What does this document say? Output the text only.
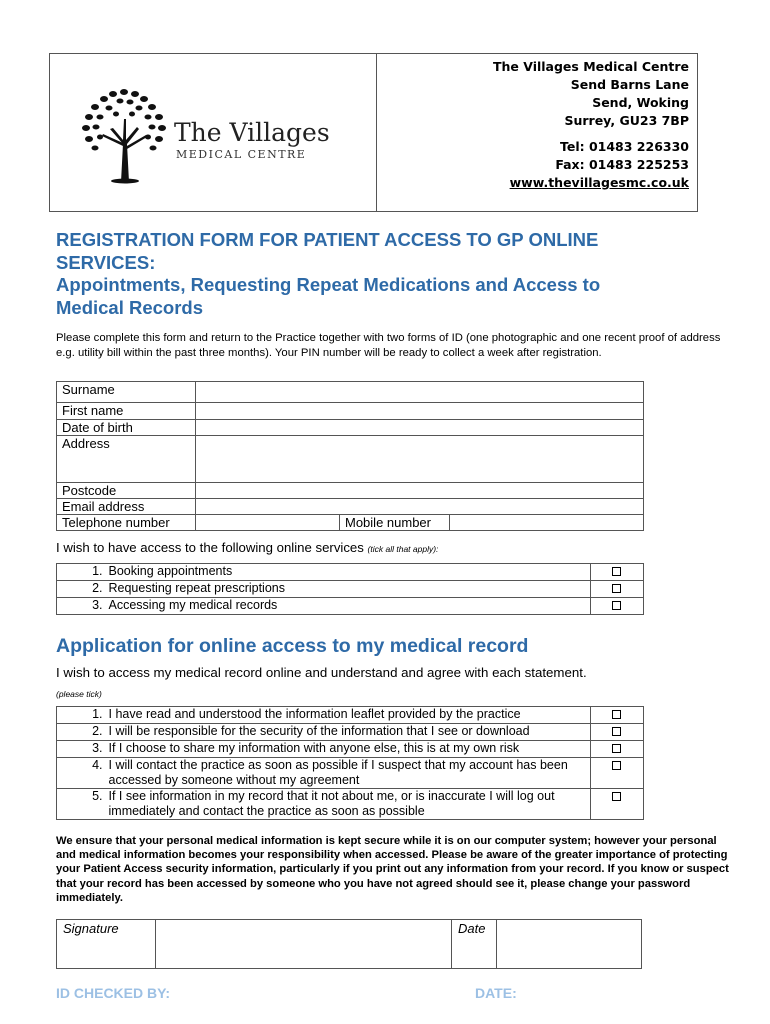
The Villages
MEDICAL CENTRE
The Villages Medical Centre
Send Barns Lane
Send, Woking
Surrey, GU23 7BP
Tel: 01483 226330
Fax: 01483 225253
www.thevillagesmc.co.uk
REGISTRATION FORM FOR PATIENT ACCESS TO GP ONLINE
SERVICES:
Appointments, Requesting Repeat Medications and Access to
Medical Records
Please complete this form and return to the Practice together with two forms of ID (one photographic and one recent proof of address e.g. utility bill within the past three months). Your PIN number will be ready to collect a week after registration.
Surname			
First name			
Date of birth			
Address			
Postcode			
Email address			
Telephone number		Mobile number	
I wish to have access to the following online services (tick all that apply):
1.	Booking appointments	
2.	Requesting repeat prescriptions	
3.	Accessing my medical records	
Application for online access to my medical record
I wish to access my medical record online and understand and agree with each statement.
(please tick)
1.	I have read and understood the information leaflet provided by the practice	
2.	I will be responsible for the security of the information that I see or download	
3.	If I choose to share my information with anyone else, this is at my own risk	
4.	I will contact the practice as soon as possible if I suspect that my account has been accessed by someone without my agreement	
5.	If I see information in my record that it not about me, or is inaccurate I will log out immediately and contact the practice as soon as possible	
We ensure that your personal medical information is kept secure while it is on our computer system; however your personal and medical information becomes your responsibility when accessed. Please be aware of the greater importance of protecting your Patient Access security information, particularly if you print out any information from your record. If you know or suspect that your record has been accessed by someone who you have not agreed should see it, please change your password immediately.
Signature		Date	
ID CHECKED BY:	DATE:
